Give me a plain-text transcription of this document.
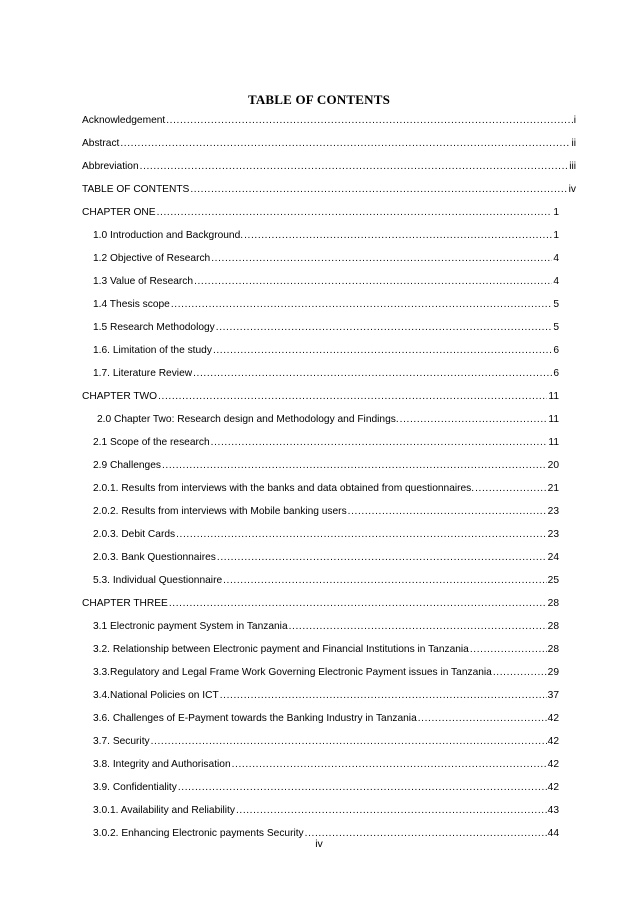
TABLE OF CONTENTS
Acknowledgement .....	i
Abstract .....	ii
Abbreviation .....	iii
TABLE OF CONTENTS .....	iv
CHAPTER ONE .....	1
1.0 Introduction and Background. .....	1
1.2 Objective of Research .....	4
1.3 Value of Research .....	4
1.4 Thesis scope .....	5
1.5 Research Methodology .....	5
1.6. Limitation of the study .....	6
1.7. Literature Review .....	6
CHAPTER TWO .....	11
2.0 Chapter Two: Research design and Methodology and Findings. .....	11
2.1 Scope of the research .....	11
2.9 Challenges .....	20
2.0.1. Results from interviews with the banks and data obtained from questionnaires. .....	21
2.0.2. Results from interviews with Mobile banking users .....	23
2.0.3. Debit Cards .....	23
2.0.3. Bank Questionnaires .....	24
5.3. Individual Questionnaire .....	25
CHAPTER THREE .....	28
3.1 Electronic payment System in Tanzania .....	28
3.2. Relationship between Electronic payment and Financial Institutions in Tanzania .....	28
3.3.Regulatory and Legal Frame Work Governing Electronic Payment issues in Tanzania .....	29
3.4.National Policies on ICT .....	37
3.6. Challenges of E-Payment towards the Banking Industry in Tanzania .....	42
3.7. Security .....	42
3.8. Integrity and Authorisation .....	42
3.9. Confidentiality .....	42
3.0.1. Availability and Reliability .....	43
3.0.2. Enhancing Electronic payments Security .....	44
iv
